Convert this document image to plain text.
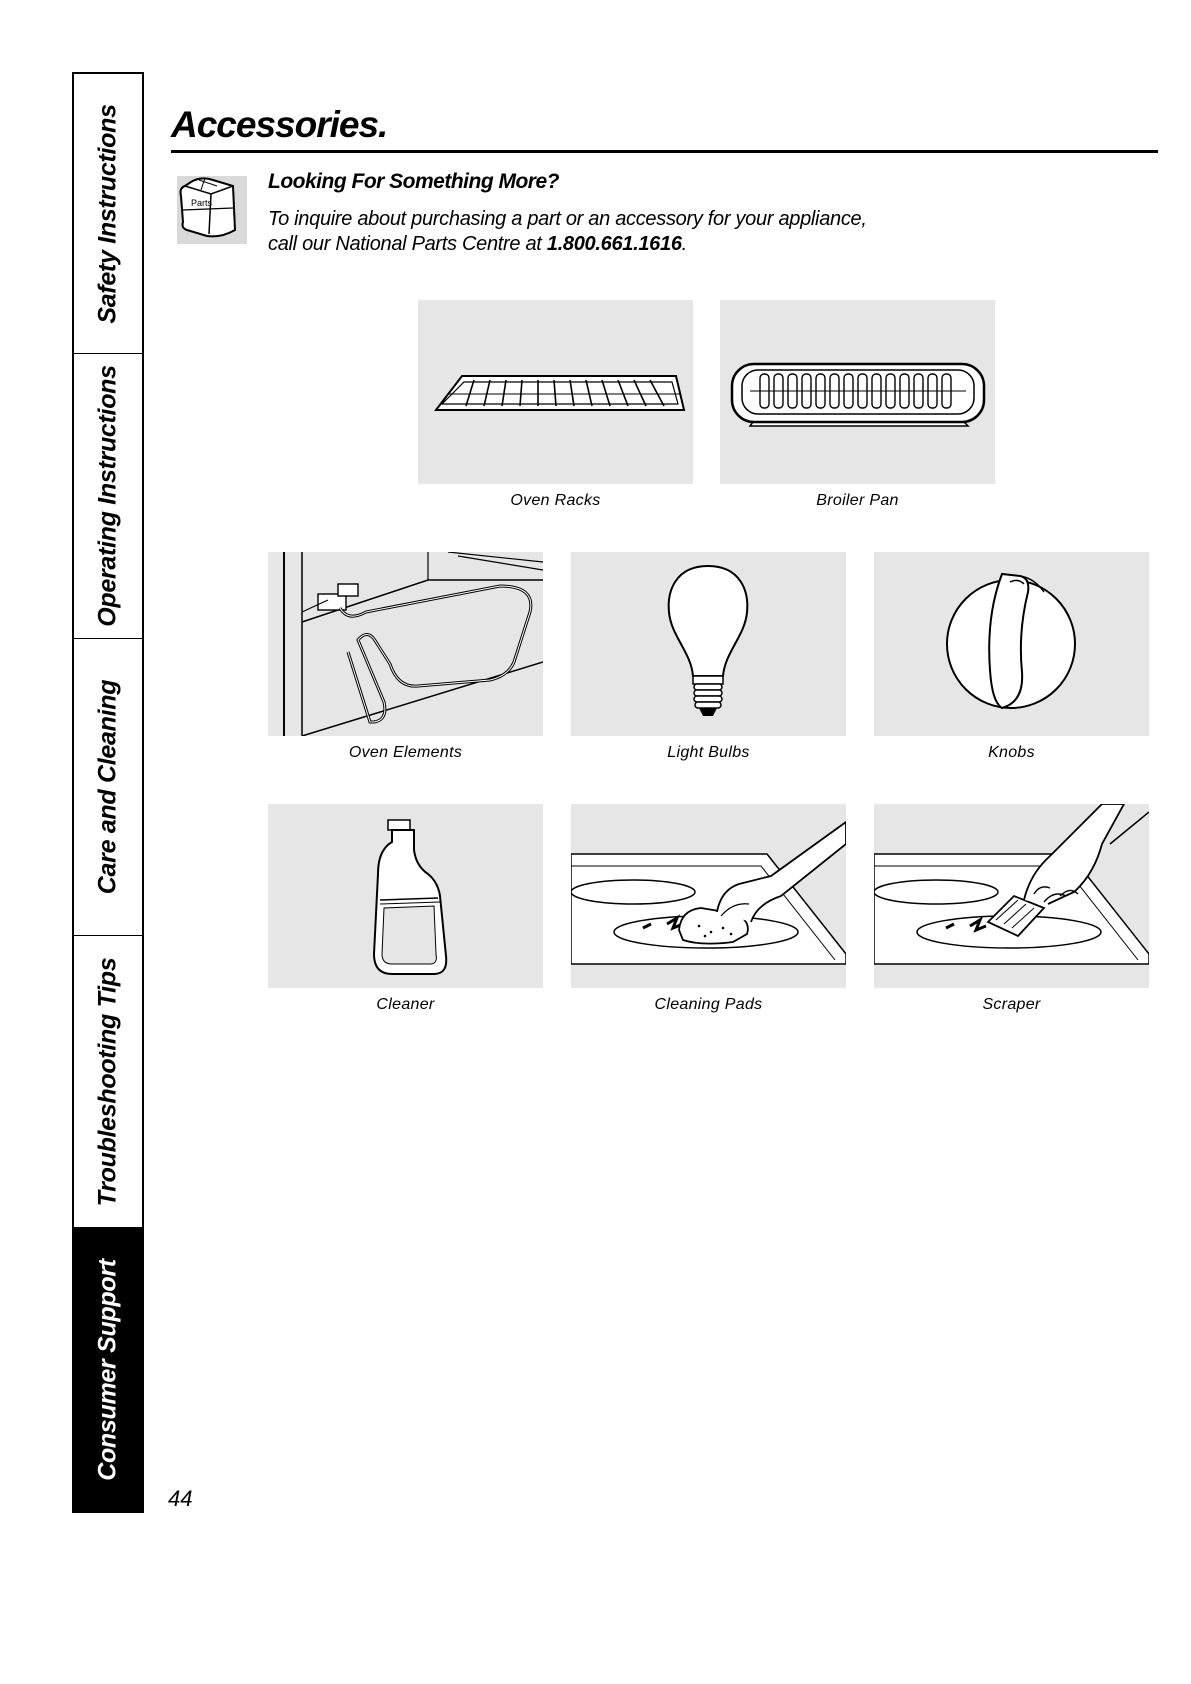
Safety Instructions
Operating Instructions
Care and Cleaning
Troubleshooting Tips
Consumer Support
Accessories.
Parts
Looking For Something More?
To inquire about purchasing a part or an accessory for your appliance,
call our National Parts Centre at 1.800.661.1616.
Oven Racks	Broiler Pan
Oven Elements	Light Bulbs	Knobs
Cleaner	Cleaning Pads	Scraper
44
